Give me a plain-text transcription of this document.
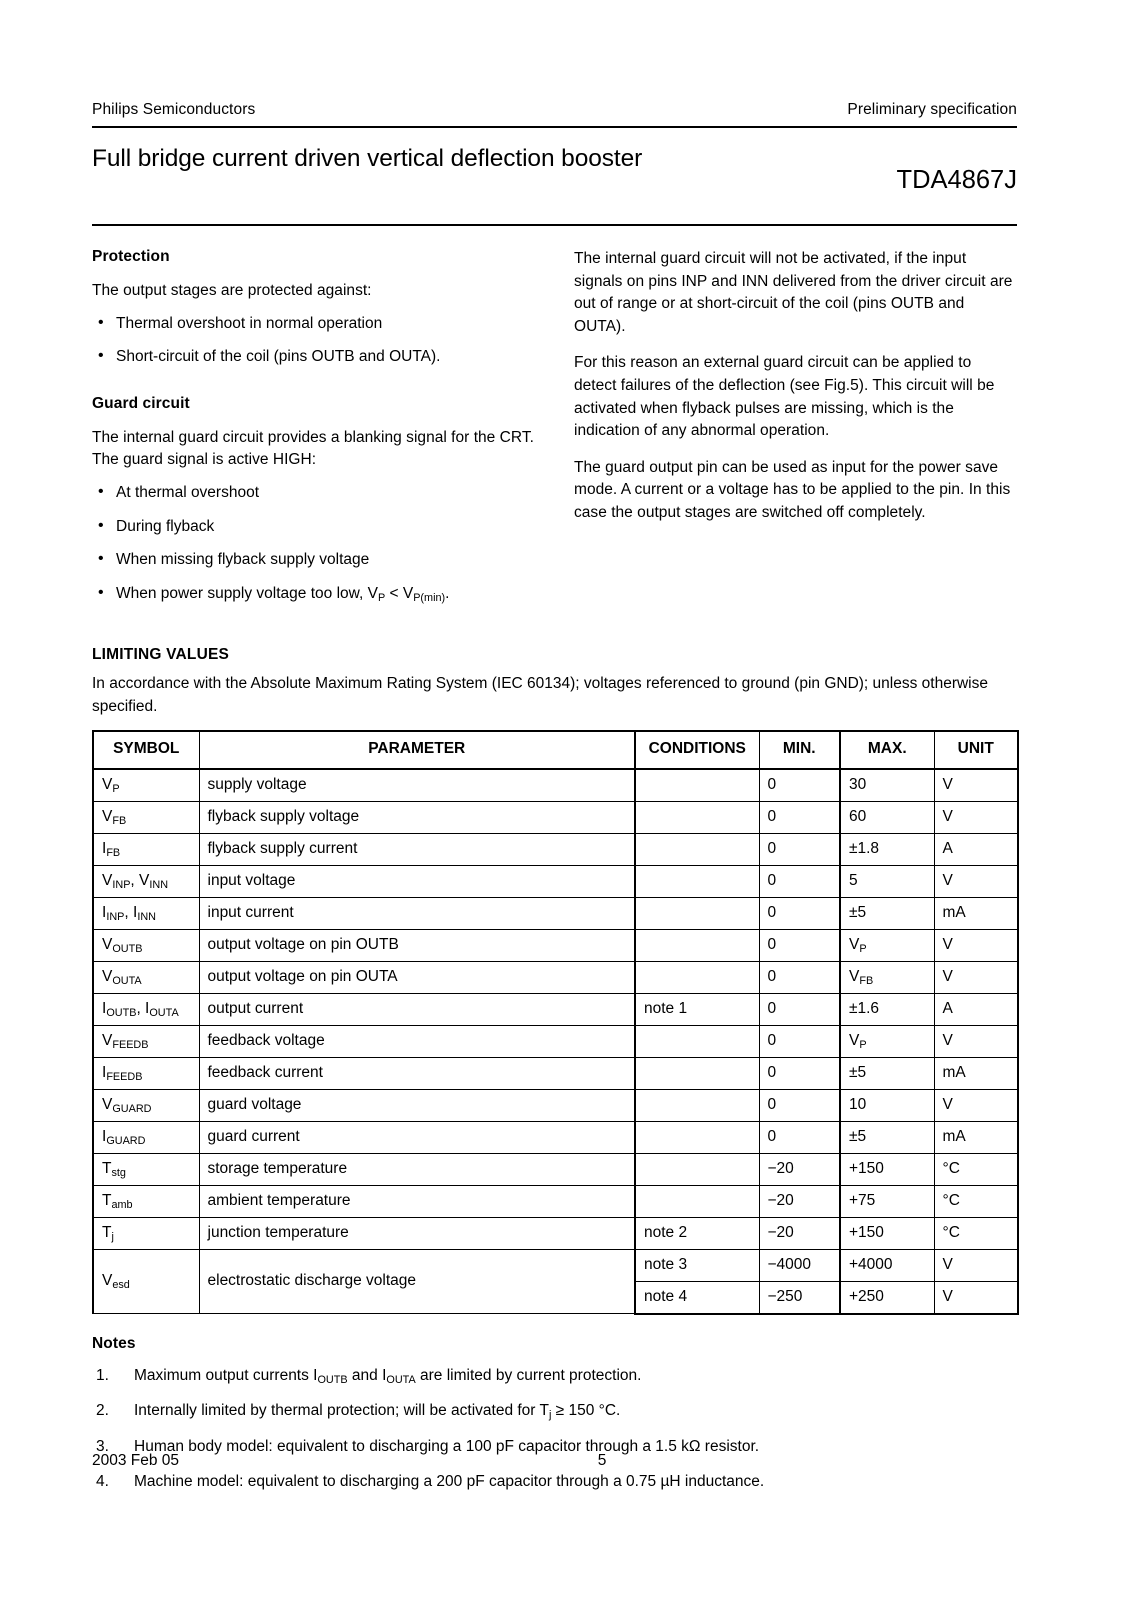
Philips Semiconductors	Preliminary specification
Full bridge current driven vertical deflection booster
TDA4867J
Protection

The output stages are protected against:

• Thermal overshoot in normal operation
• Short-circuit of the coil (pins OUTB and OUTA).
Guard circuit

The internal guard circuit provides a blanking signal for the CRT. The guard signal is active HIGH:

• At thermal overshoot
• During flyback
• When missing flyback supply voltage
• When power supply voltage too low, $V_P < V_{P(min)}$.

The internal guard circuit will not be activated, if the input signals on pins INP and INN delivered from the driver circuit are out of range or at short-circuit of the coil (pins OUTB and OUTA).

For this reason an external guard circuit can be applied to detect failures of the deflection (see Fig.5). This circuit will be activated when flyback pulses are missing, which is the indication of any abnormal operation.

The guard output pin can be used as input for the power save mode. A current or a voltage has to be applied to the pin. In this case the output stages are switched off completely.

LIMITING VALUES
In accordance with the Absolute Maximum Rating System (IEC 60134); voltages referenced to ground (pin GND); unless otherwise specified.
SYMBOL	PARAMETER	CONDITIONS	MIN.	MAX.	UNIT
$V_P$	supply voltage		0	30	V
$V_{FB}$	flyback supply voltage		0	60	V
$I_{FB}$	flyback supply current		0	±1.8	A
$V_{INP}$, $V_{INN}$	input voltage		0	5	V
$I_{INP}$, $I_{INN}$	input current		0	±5	mA
$V_{OUTB}$	output voltage on pin OUTB		0	$V_P$	V
$V_{OUTA}$	output voltage on pin OUTA		0	$V_{FB}$	V
$I_{OUTB}$, $I_{OUTA}$	output current	note 1	0	±1.6	A
$V_{FEEDB}$	feedback voltage		0	$V_P$	V
$I_{FEEDB}$	feedback current		0	±5	mA
$V_{GUARD}$	guard voltage		0	10	V
$I_{GUARD}$	guard current		0	±5	mA
$T_{stg}$	storage temperature		−20	+150	°C
$T_{amb}$	ambient temperature		−20	+75	°C
$T_j$	junction temperature	note 2	−20	+150	°C
$V_{esd}$	electrostatic discharge voltage	note 3	−4000	+4000	V
		note 4	−250	+250	V
Notes
1. Maximum output currents $I_{OUTB}$ and $I_{OUTA}$ are limited by current protection.
2. Internally limited by thermal protection; will be activated for $T_j \ge 150$ °C.
3. Human body model: equivalent to discharging a 100 pF capacitor through a 1.5 kΩ resistor.
4. Machine model: equivalent to discharging a 200 pF capacitor through a 0.75 µH inductance.
2003 Feb 05	5
